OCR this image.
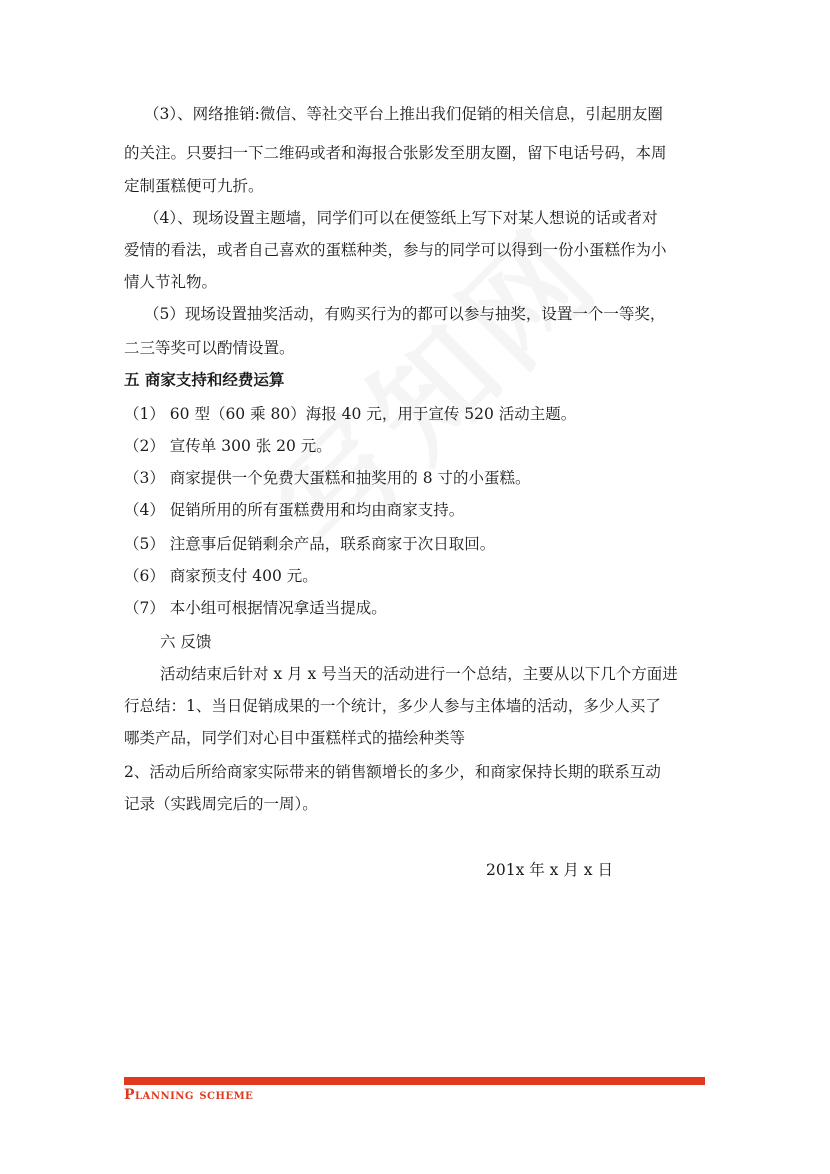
（3）、网络推销:微信、等社交平台上推出我们促销的相关信息，引起朋友圈
的关注。只要扫一下二维码或者和海报合张影发至朋友圈，留下电话号码，本周
定制蛋糕便可九折。
（4）、现场设置主题墙，同学们可以在便签纸上写下对某人想说的话或者对
爱情的看法，或者自己喜欢的蛋糕种类，参与的同学可以得到一份小蛋糕作为小
情人节礼物。
（5）现场设置抽奖活动，有购买行为的都可以参与抽奖，设置一个一等奖，
二三等奖可以酌情设置。
五 商家支持和经费运算
（1） 60 型（60 乘 80）海报 40 元，用于宣传 520 活动主题。
（2） 宣传单 300 张 20 元。
（3） 商家提供一个免费大蛋糕和抽奖用的 8 寸的小蛋糕。
（4） 促销所用的所有蛋糕费用和均由商家支持。
（5） 注意事后促销剩余产品，联系商家于次日取回。
（6） 商家预支付 400 元。
（7） 本小组可根据情况拿适当提成。
六 反馈
活动结束后针对 x 月 x 号当天的活动进行一个总结，主要从以下几个方面进
行总结：1、当日促销成果的一个统计，多少人参与主体墙的活动，多少人买了
哪类产品，同学们对心目中蛋糕样式的描绘种类等
2、活动后所给商家实际带来的销售额增长的多少，和商家保持长期的联系互动
记录（实践周完后的一周）。
201x 年 x 月 x 日
Planning scheme
